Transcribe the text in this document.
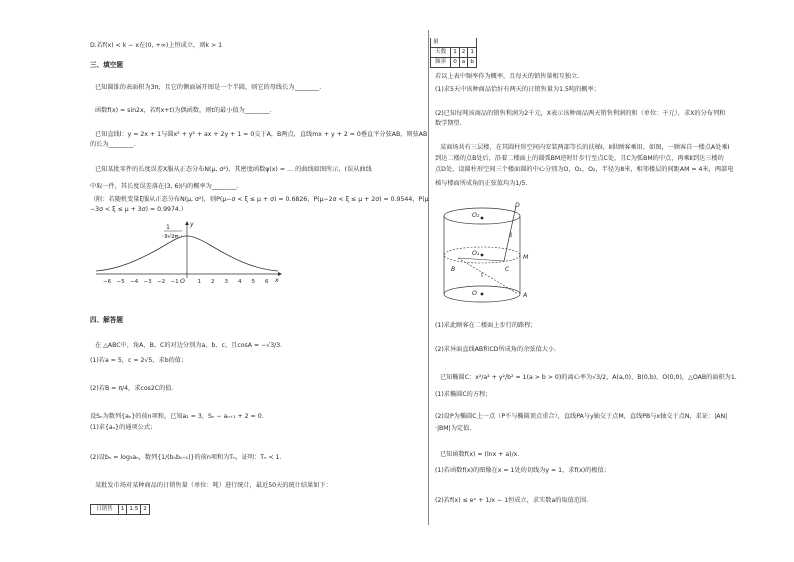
D.若f(x) < k − x在(0, +∞)上恒成立，则k > 1
三、填空题
已知圆锥的表面积为3π，且它的侧面展开图是一个半圆，则它的母线长为________.
函数f(x) = sin2x，若f(x+t)为偶函数，则t的最小值为________.
已知直线l：y = 2x + 1与圆x² + y² + ax + 2y + 1 = 0交于A，B两点，直线mx + y + 2 = 0垂直平分弦AB，则弦AB
的长为________.
已知某批零件的长度误差X服从正态分布N(μ, σ²)，其密度函数φ(x) = … 的曲线如图所示，(误从曲线
中取一件，其长度误差落在(3, 6)内的概率为________.
（附：若随机变量ξ服从正态分布N(μ, σ²)，则P(μ−σ < ξ ≤ μ + σ) = 0.6826，P(μ−2σ < ξ ≤ μ + 2σ) = 0.9544，P(μ
−3σ < ξ ≤ μ + 3σ) = 0.9974.）
1
3√2π
y
x
O
−6 −5 −4 −3 −2 −1	1 2 3 4 5 6
四、解答题
在 △ABC中，角A、B、C的对边分别为a、b、c，且cosA = −√3/3.
(1)若a = 5，c = 2√5，求b的值；
(2)若B = π/4，求cos2C的值.
设Sₙ为数列{aₙ}的前n项和，已知a₁ = 3，Sₙ − aₙ₊₁ + 2 = 0.
(1)求{aₙ}的通项公式；
(2)设bₙ = log₃aₙ，数列{1/(bₙbₙ₊₁)}的前n项和为Tₙ，证明：Tₙ < 1.
某批发市场对某种商品的日销售量（单位：吨）进行统计，最近50天的统计结果如下：
日销售	1	1.5	2
量			
天数	1	2	1
频率	0	a	b
若以上表中频率作为概率，且每天的销售量相互独立.
(1)求5天中该种商品恰好有两天的日销售量为1.5吨的概率；
(2)已知每吨该商品的销售利润为2千元，X表示该种商品两天销售利润的和（单位：千元），求X的分布列和
数学期望.
某商场共有三层楼，在其圆柱形空间内安装两部等长的扶梯Ⅰ，Ⅱ供顾客乘用，如图，一顾客自一楼点A处乘Ⅰ
到达二楼的点B处后，沿着二楼面上的圆弧BM逆时针步行至点C处，且C为弧BM的中点，再乘Ⅱ到达三楼的
点D处，设圆柱形空间三个楼面圆的中心分别为O，O₁，O₂，半径为8米，相邻楼层的间距AM = 4米，两部电
梯与楼面所成角的正弦值均为1/5.
O₂
O₁
O
D
Ⅱ
M
B
Ⅰ
C
A
(1)求此顾客在二楼面上步行的路程；
(2)求异面直线AB和CD所成角的余弦值大小.
已知椭圆C：x²/a² + y²/b² = 1(a > b > 0)的离心率为√3/2，A(a,0)，B(0,b)，O(0,0)，△OAB的面积为1.
(1)求椭圆C的方程；
(2)设P为椭圆C上一点（P不与椭圆顶点重合），直线PA与y轴交于点M，直线PB与x轴交于点N，求证：|AN|
·|BM|为定值.
已知函数f(x) = (lnx + a)/x.
(1)若函数f(x)的图像在x = 1处的切线为y = 1，求f(x)的极值；
(2)若f(x) ≤ eˣ + 1/x − 1恒成立，求实数a的取值范围.
